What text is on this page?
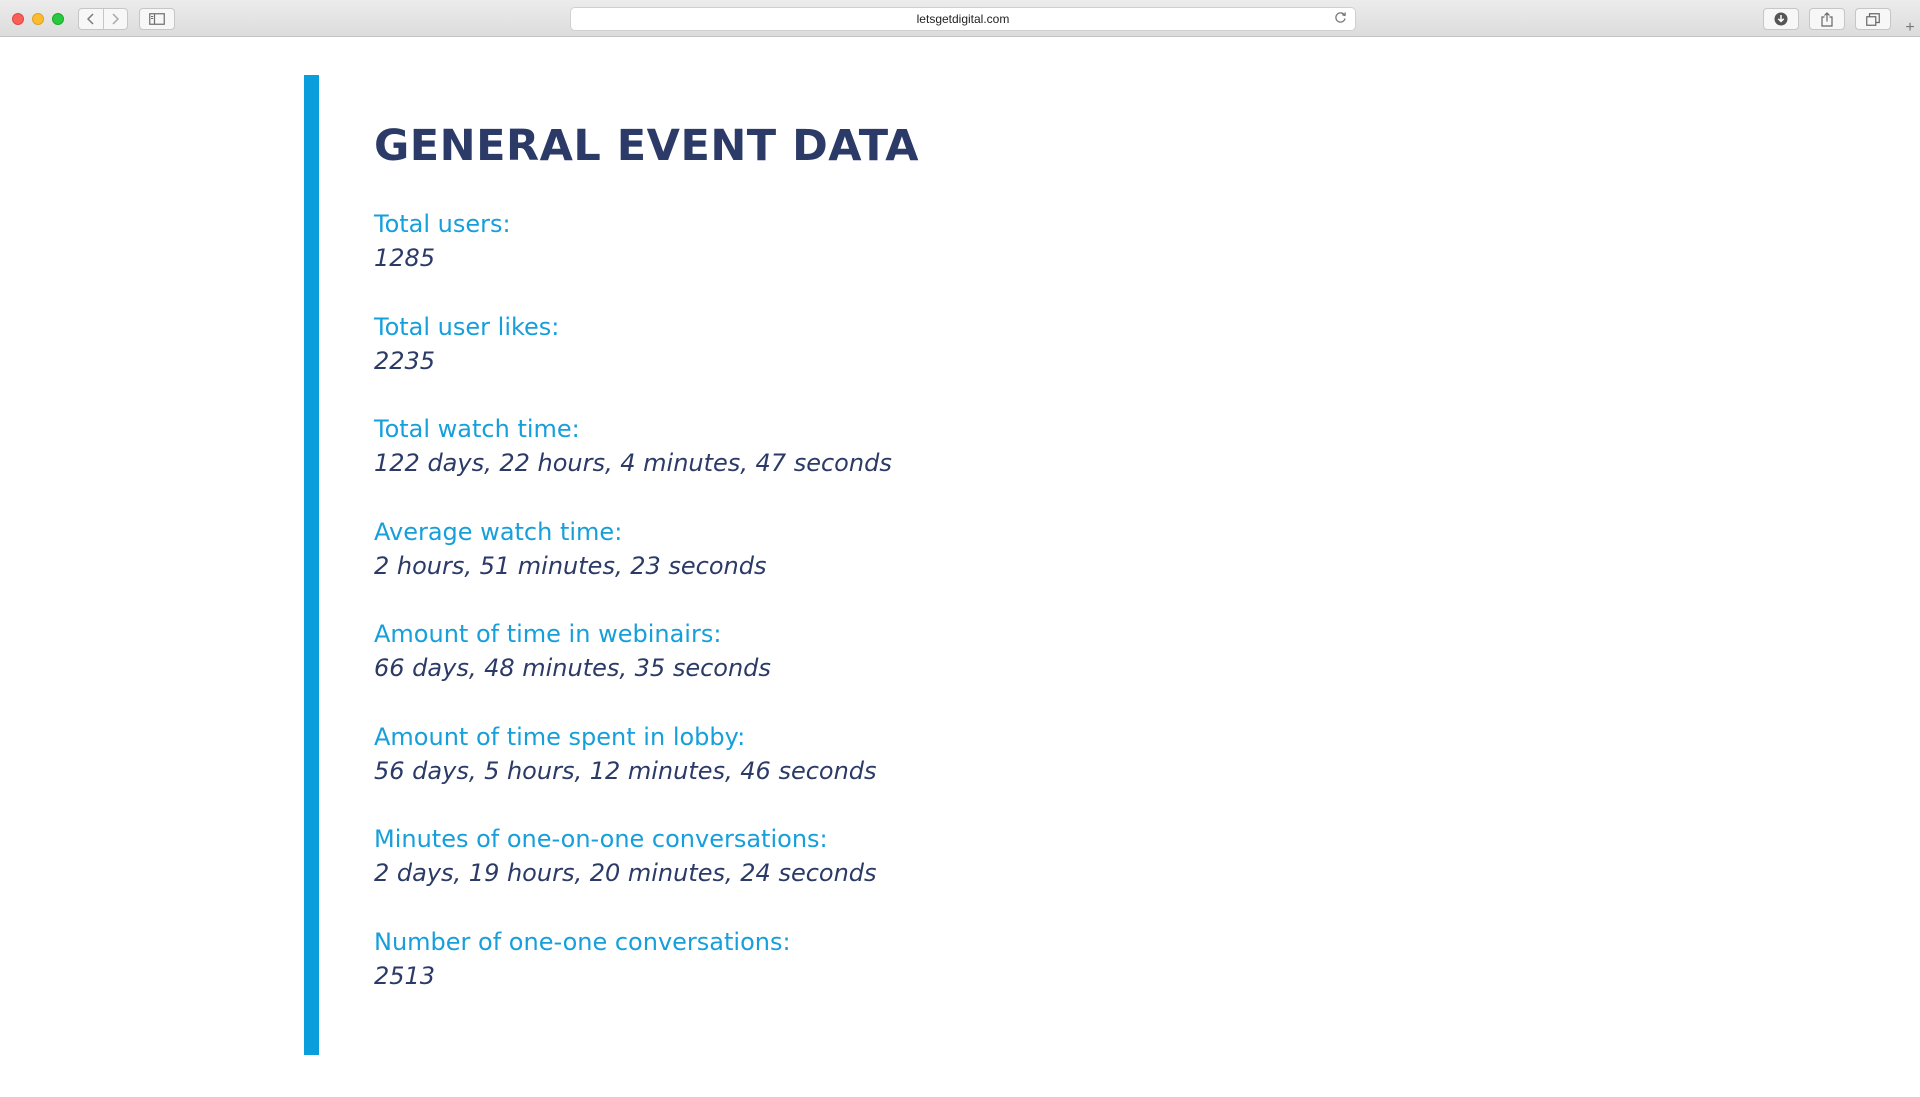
letsgetdigital.com	+
GENERAL EVENT DATA
Total users:
1285
Total user likes:
2235
Total watch time:
122 days, 22 hours, 4 minutes, 47 seconds
Average watch time:
2 hours, 51 minutes, 23 seconds
Amount of time in webinairs:
66 days, 48 minutes, 35 seconds
Amount of time spent in lobby:
56 days, 5 hours, 12 minutes, 46 seconds
Minutes of one-on-one conversations:
2 days, 19 hours, 20 minutes, 24 seconds
Number of one-one conversations:
2513
